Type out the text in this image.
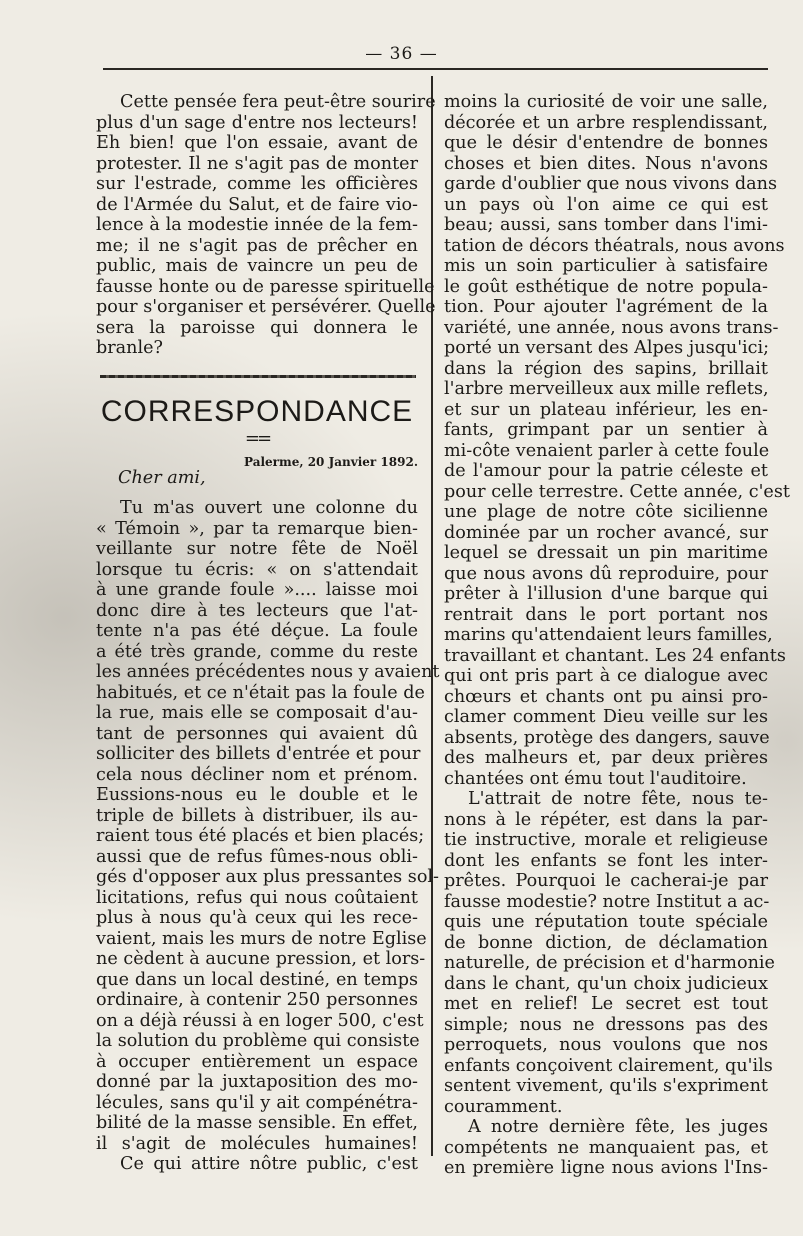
— 36 —
Cette pensée fera peut-être sourire
plus d'un sage d'entre nos lecteurs!
Eh bien! que l'on essaie, avant de
protester. Il ne s'agit pas de monter
sur l'estrade, comme les officières
de l'Armée du Salut, et de faire vio-
lence à la modestie innée de la fem-
me; il ne s'agit pas de prêcher en
public, mais de vaincre un peu de
fausse honte ou de paresse spirituelle
pour s'organiser et persévérer. Quelle
sera la paroisse qui donnera le
branle?
CORRESPONDANCE
==
Palerme, 20 Janvier 1892.
Cher ami,
Tu m'as ouvert une colonne du
« Témoin », par ta remarque bien-
veillante sur notre fête de Noël
lorsque tu écris: « on s'attendait
à une grande foule ».... laisse moi
donc dire à tes lecteurs que l'at-
tente n'a pas été déçue. La foule
a été très grande, comme du reste
les années précédentes nous y avaient
habitués, et ce n'était pas la foule de
la rue, mais elle se composait d'au-
tant de personnes qui avaient dû
solliciter des billets d'entrée et pour
cela nous décliner nom et prénom.
Eussions-nous eu le double et le
triple de billets à distribuer, ils au-
raient tous été placés et bien placés;
aussi que de refus fûmes-nous obli-
gés d'opposer aux plus pressantes sol-
licitations, refus qui nous coûtaient
plus à nous qu'à ceux qui les rece-
vaient, mais les murs de notre Eglise
ne cèdent à aucune pression, et lors-
que dans un local destiné, en temps
ordinaire, à contenir 250 personnes
on a déjà réussi à en loger 500, c'est
la solution du problème qui consiste
à occuper entièrement un espace
donné par la juxtaposition des mo-
lécules, sans qu'il y ait compénétra-
bilité de la masse sensible. En effet,
il s'agit de molécules humaines!
Ce qui attire nôtre public, c'est
moins la curiosité de voir une salle,
décorée et un arbre resplendissant,
que le désir d'entendre de bonnes
choses et bien dites. Nous n'avons
garde d'oublier que nous vivons dans
un pays où l'on aime ce qui est
beau; aussi, sans tomber dans l'imi-
tation de décors théatrals, nous avons
mis un soin particulier à satisfaire
le goût esthétique de notre popula-
tion. Pour ajouter l'agrément de la
variété, une année, nous avons trans-
porté un versant des Alpes jusqu'ici;
dans la région des sapins, brillait
l'arbre merveilleux aux mille reflets,
et sur un plateau inférieur, les en-
fants, grimpant par un sentier à
mi-côte venaient parler à cette foule
de l'amour pour la patrie céleste et
pour celle terrestre. Cette année, c'est
une plage de notre côte sicilienne
dominée par un rocher avancé, sur
lequel se dressait un pin maritime
que nous avons dû reproduire, pour
prêter à l'illusion d'une barque qui
rentrait dans le port portant nos
marins qu'attendaient leurs familles,
travaillant et chantant. Les 24 enfants
qui ont pris part à ce dialogue avec
chœurs et chants ont pu ainsi pro-
clamer comment Dieu veille sur les
absents, protège des dangers, sauve
des malheurs et, par deux prières
chantées ont ému tout l'auditoire.
L'attrait de notre fête, nous te-
nons à le répéter, est dans la par-
tie instructive, morale et religieuse
dont les enfants se font les inter-
prêtes. Pourquoi le cacherai-je par
fausse modestie? notre Institut a ac-
quis une réputation toute spéciale
de bonne diction, de déclamation
naturelle, de précision et d'harmonie
dans le chant, qu'un choix judicieux
met en relief! Le secret est tout
simple; nous ne dressons pas des
perroquets, nous voulons que nos
enfants conçoivent clairement, qu'ils
sentent vivement, qu'ils s'expriment
couramment.
A notre dernière fête, les juges
compétents ne manquaient pas, et
en première ligne nous avions l'Ins-
